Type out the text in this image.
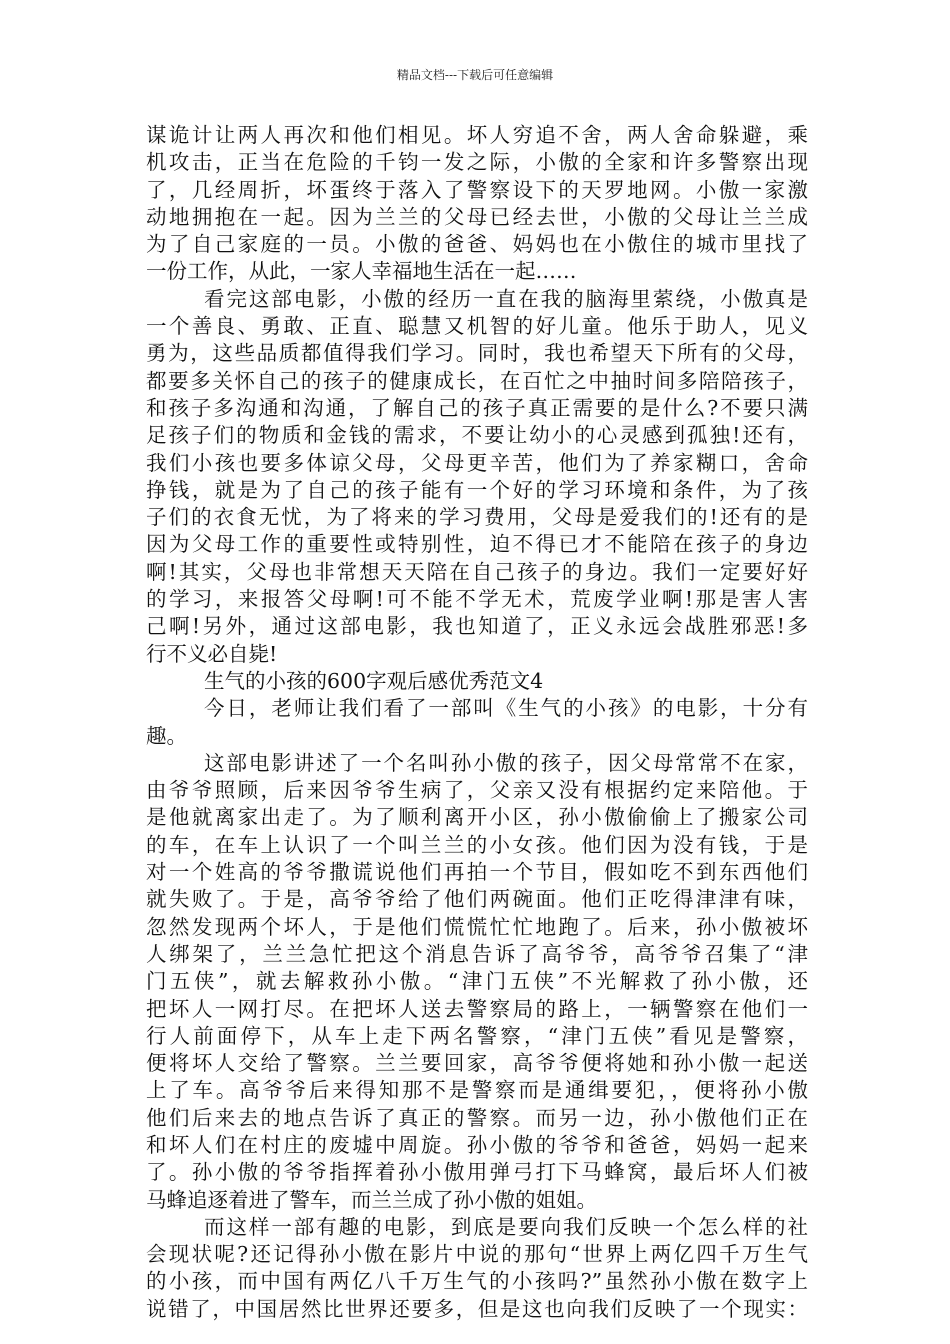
精品文档---下载后可任意编辑
谋诡计让两人再次和他们相见。坏人穷追不舍，两人舍命躲避，乘
机攻击，正当在危险的千钧一发之际，小傲的全家和许多警察出现
了，几经周折，坏蛋终于落入了警察设下的天罗地网。小傲一家激
动地拥抱在一起。因为兰兰的父母已经去世，小傲的父母让兰兰成
为了自己家庭的一员。小傲的爸爸、妈妈也在小傲住的城市里找了
一份工作，从此，一家人幸福地生活在一起……
看完这部电影，小傲的经历一直在我的脑海里萦绕，小傲真是
一个善良、勇敢、正直、聪慧又机智的好儿童。他乐于助人，见义
勇为，这些品质都值得我们学习。同时，我也希望天下所有的父母，
都要多关怀自己的孩子的健康成长，在百忙之中抽时间多陪陪孩子，
和孩子多沟通和沟通，了解自己的孩子真正需要的是什么?不要只满
足孩子们的物质和金钱的需求，不要让幼小的心灵感到孤独!还有，
我们小孩也要多体谅父母，父母更辛苦，他们为了养家糊口，舍命
挣钱，就是为了自己的孩子能有一个好的学习环境和条件，为了孩
子们的衣食无忧，为了将来的学习费用，父母是爱我们的!还有的是
因为父母工作的重要性或特别性，迫不得已才不能陪在孩子的身边
啊!其实，父母也非常想天天陪在自己孩子的身边。我们一定要好好
的学习，来报答父母啊!可不能不学无术，荒废学业啊!那是害人害
己啊!另外，通过这部电影，我也知道了，正义永远会战胜邪恶!多
行不义必自毙!
生气的小孩的600字观后感优秀范文4
今日，老师让我们看了一部叫《生气的小孩》的电影，十分有
趣。
这部电影讲述了一个名叫孙小傲的孩子，因父母常常不在家，
由爷爷照顾，后来因爷爷生病了，父亲又没有根据约定来陪他。于
是他就离家出走了。为了顺利离开小区，孙小傲偷偷上了搬家公司
的车，在车上认识了一个叫兰兰的小女孩。他们因为没有钱，于是
对一个姓高的爷爷撒谎说他们再拍一个节目，假如吃不到东西他们
就失败了。于是，高爷爷给了他们两碗面。他们正吃得津津有味，
忽然发现两个坏人，于是他们慌慌忙忙地跑了。后来，孙小傲被坏
人绑架了，兰兰急忙把这个消息告诉了高爷爷，高爷爷召集了“津
门五侠”，就去解救孙小傲。“津门五侠”不光解救了孙小傲，还
把坏人一网打尽。在把坏人送去警察局的路上，一辆警察在他们一
行人前面停下，从车上走下两名警察，“津门五侠”看见是警察，
便将坏人交给了警察。兰兰要回家，高爷爷便将她和孙小傲一起送
上了车。高爷爷后来得知那不是警察而是通缉要犯，，便将孙小傲
他们后来去的地点告诉了真正的警察。而另一边，孙小傲他们正在
和坏人们在村庄的废墟中周旋。孙小傲的爷爷和爸爸，妈妈一起来
了。孙小傲的爷爷指挥着孙小傲用弹弓打下马蜂窝，最后坏人们被
马蜂追逐着进了警车，而兰兰成了孙小傲的姐姐。
而这样一部有趣的电影，到底是要向我们反映一个怎么样的社
会现状呢?还记得孙小傲在影片中说的那句“世界上两亿四千万生气
的小孩，而中国有两亿八千万生气的小孩吗?”虽然孙小傲在数字上
说错了，中国居然比世界还要多，但是这也向我们反映了一个现实：
